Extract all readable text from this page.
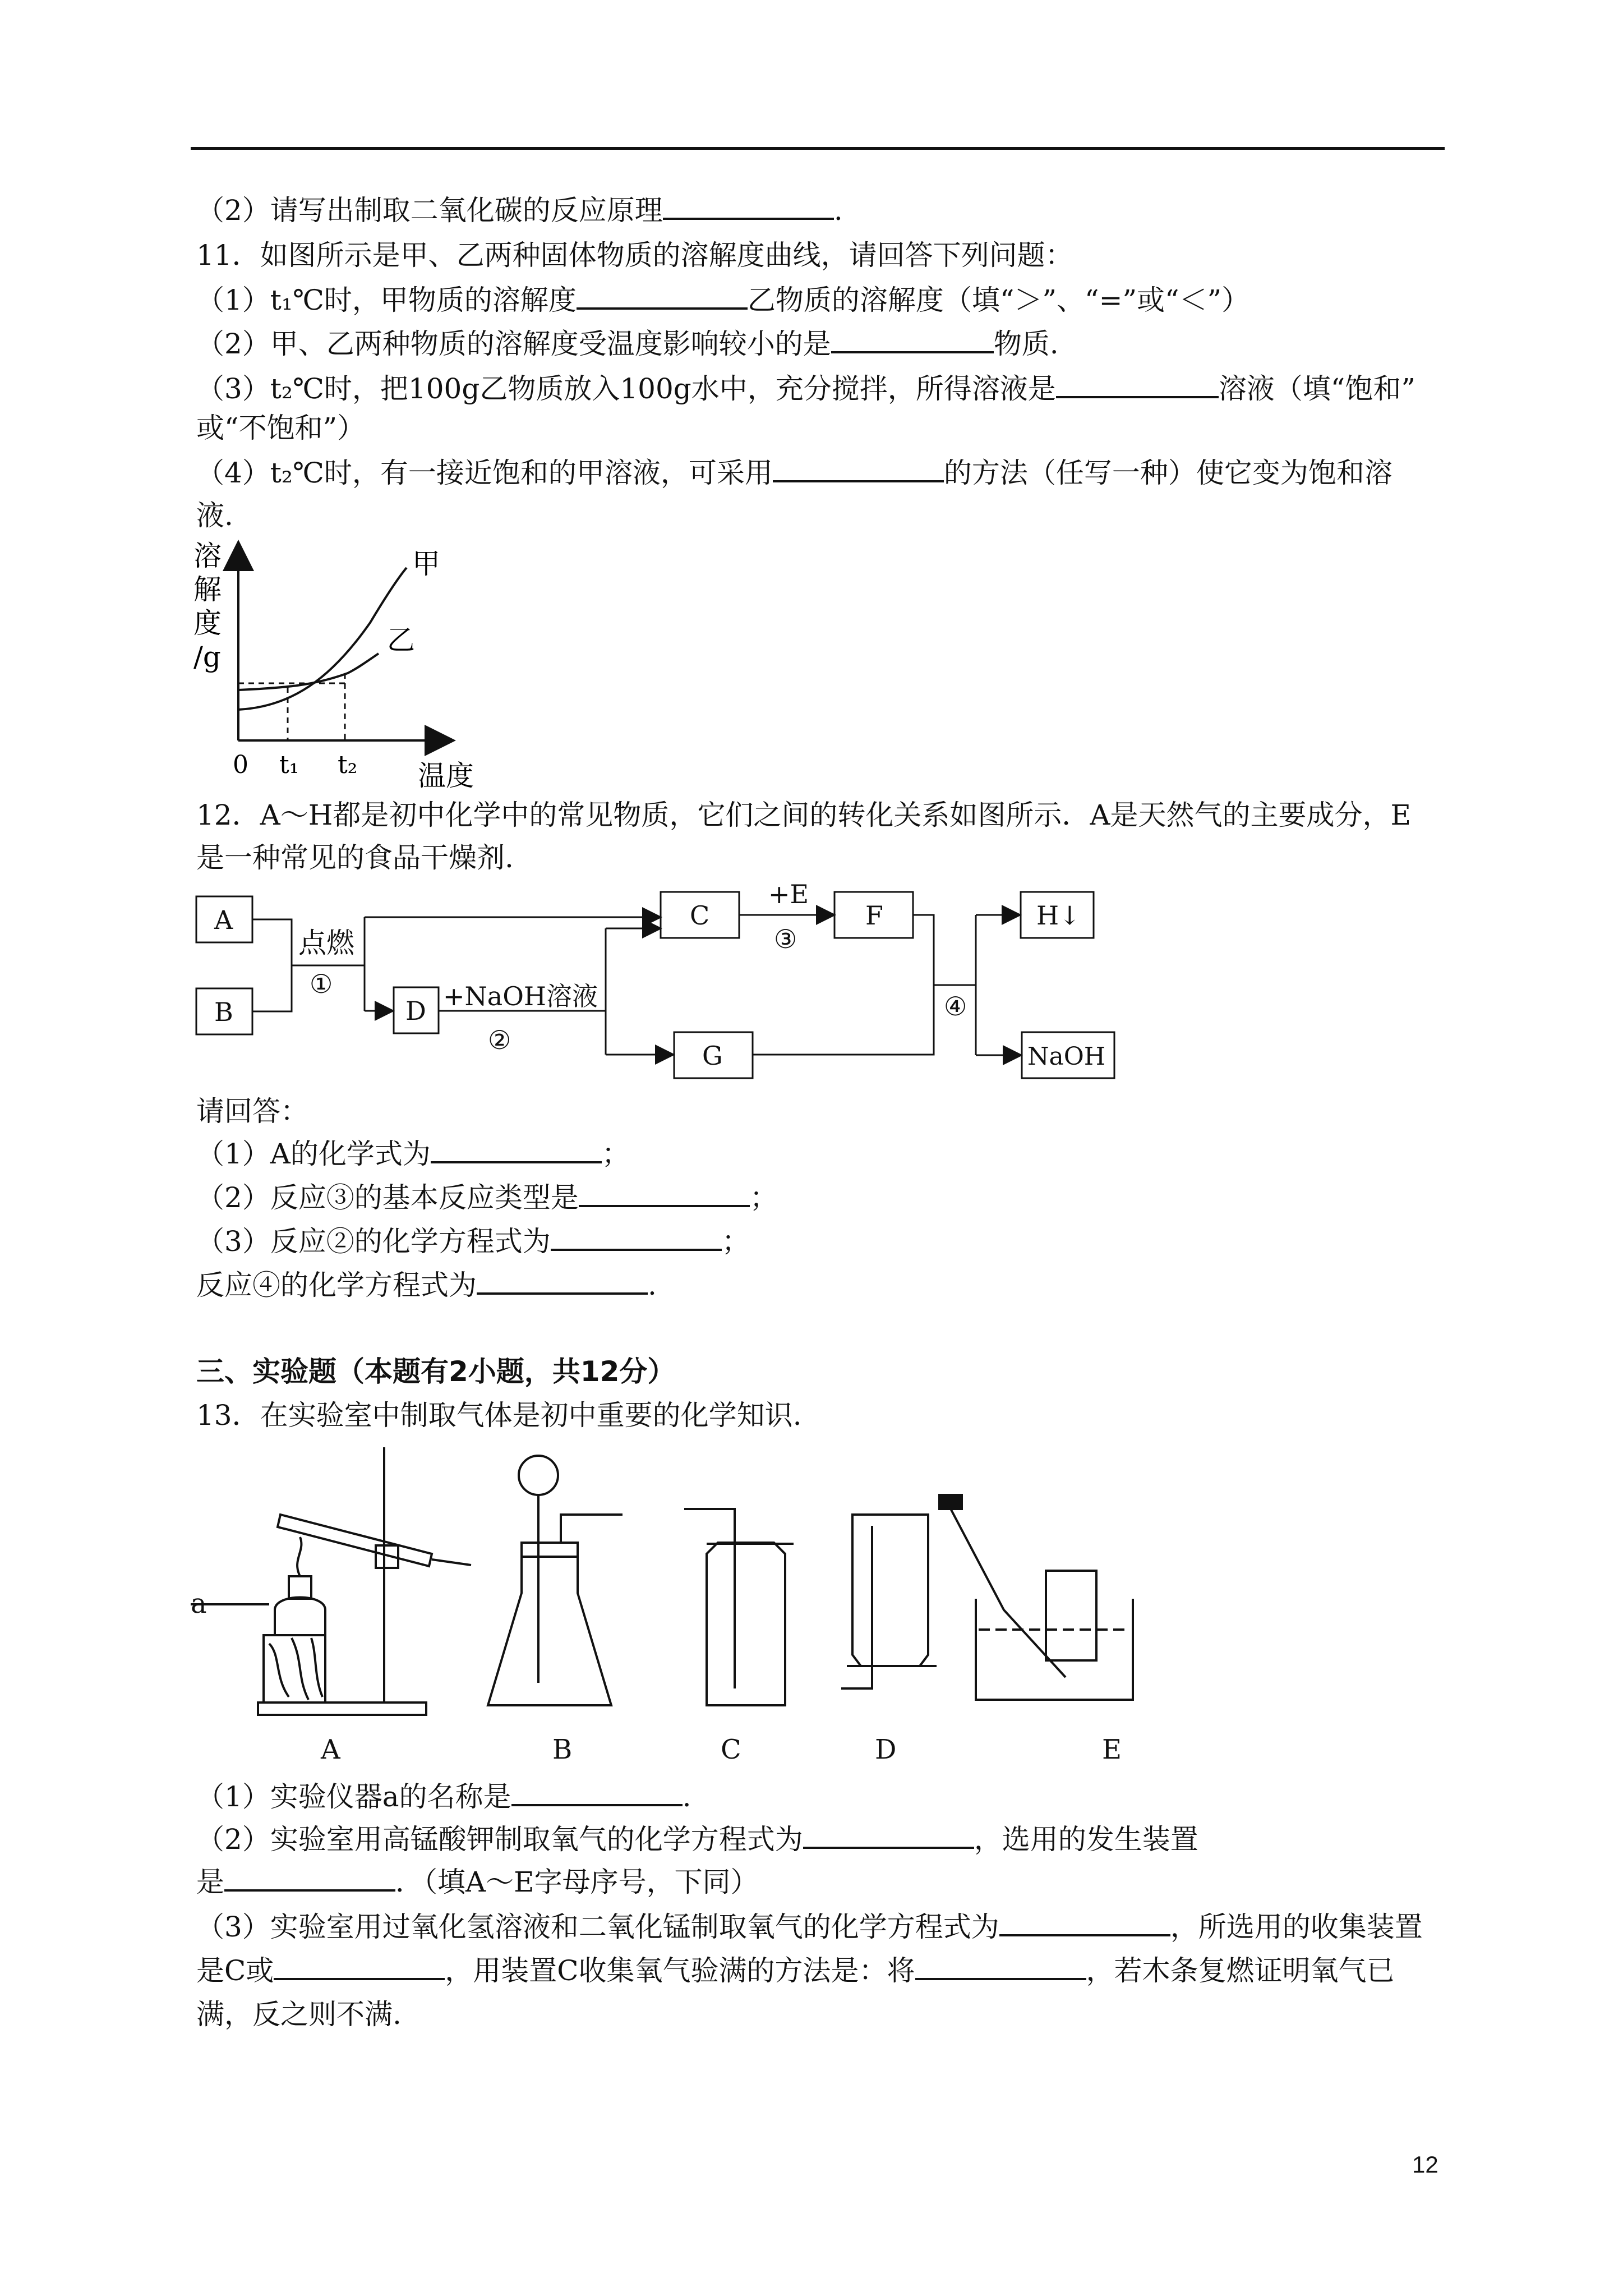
（2）请写出制取二氧化碳的反应原理	.
11．如图所示是甲、乙两种固体物质的溶解度曲线，请回答下列问题：
（1）t₁℃时，甲物质的溶解度	乙物质的溶解度（填“＞”、“=”或“＜”）
（2）甲、乙两种物质的溶解度受温度影响较小的是	物质.
（3）t₂℃时，把100g乙物质放入100g水中，充分搅拌，所得溶液是	溶液（填“饱和”
或“不饱和”）
（4）t₂℃时，有一接近饱和的甲溶液，可采用	的方法（任写一种）使它变为饱和溶
液.
溶
解
度
/g
0 t₁ t₂ 温度
甲
乙
12．A～H都是初中化学中的常见物质，它们之间的转化关系如图所示．A是天然气的主要成分，E
是一种常见的食品干燥剂.
A
B	D
C	F
G
H↓
NaOH
点燃
①	+NaOH溶液
②
+E
③
④
请回答：
（1）A的化学式为	；
（2）反应③的基本反应类型是	；
（3）反应②的化学方程式为	；
反应④的化学方程式为	.
三、实验题（本题有2小题，共12分）
13．在实验室中制取气体是初中重要的化学知识.
a
A	B	C	D	E
（1）实验仪器a的名称是	.
（2）实验室用高锰酸钾制取氧气的化学方程式为	，选用的发生装置
是	．（填A～E字母序号，下同）
（3）实验室用过氧化氢溶液和二氧化锰制取氧气的化学方程式为	，所选用的收集装置
是C或	，用装置C收集氧气验满的方法是：将	，若木条复燃证明氧气已
满，反之则不满.
12
